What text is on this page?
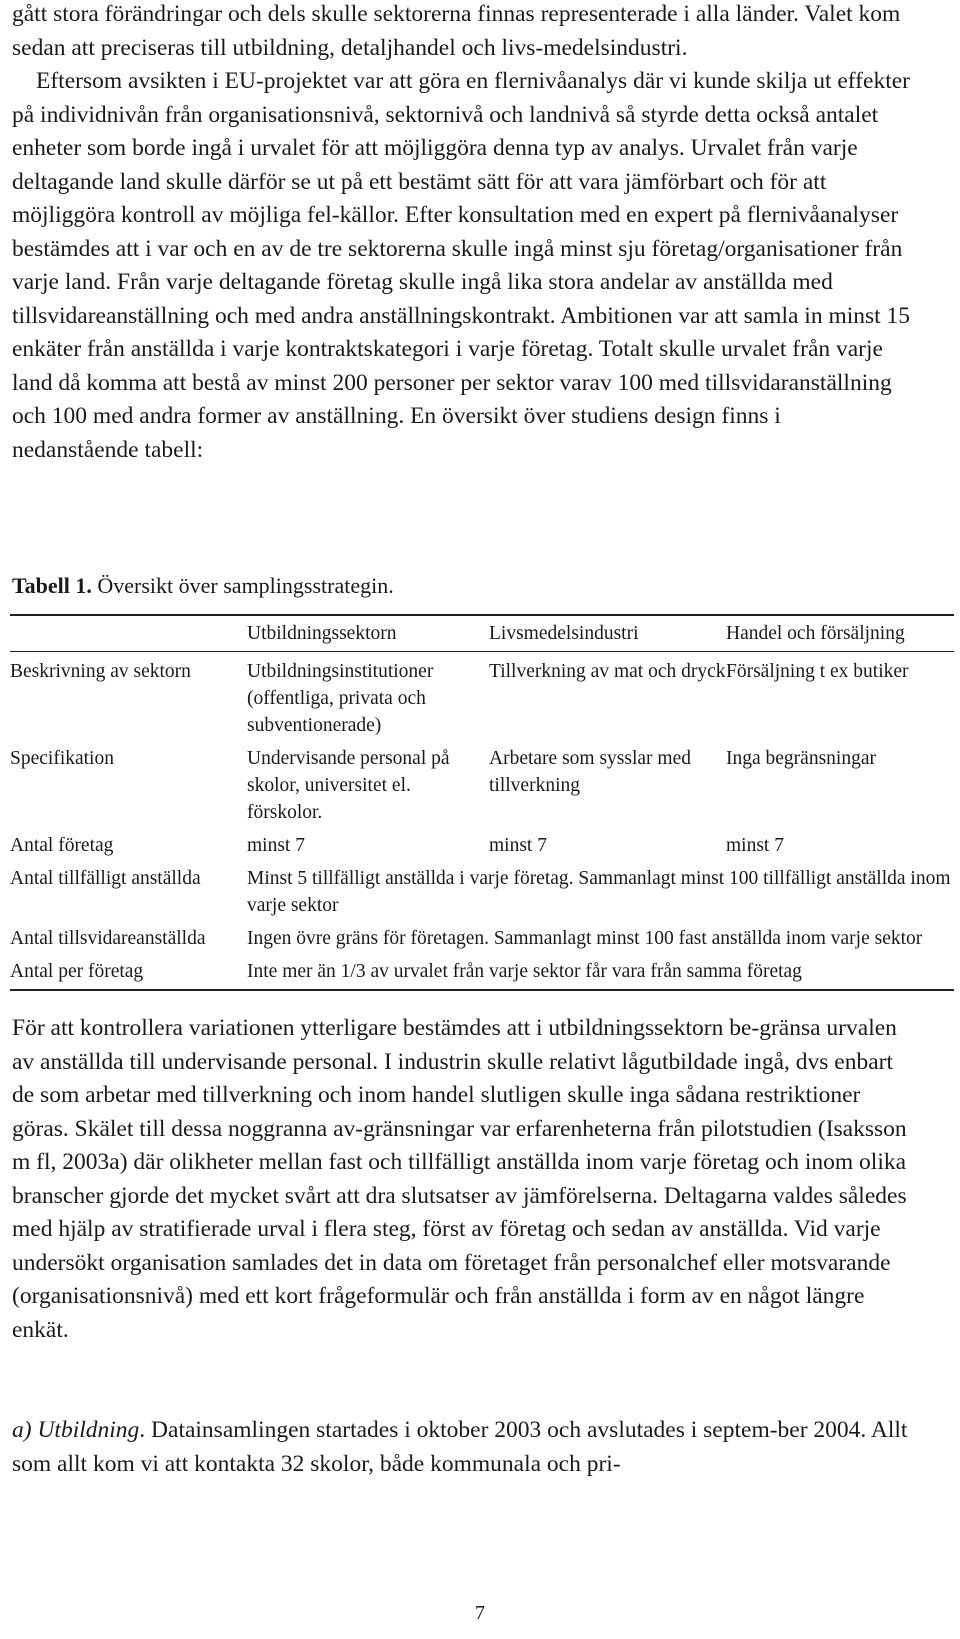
gått stora förändringar och dels skulle sektorerna finnas representerade i alla länder. Valet kom sedan att preciseras till utbildning, detaljhandel och livs-medelsindustri.

Eftersom avsikten i EU-projektet var att göra en flernivåanalys där vi kunde skilja ut effekter på individnivån från organisationsnivå, sektornivå och landnivå så styrde detta också antalet enheter som borde ingå i urvalet för att möjliggöra denna typ av analys. Urvalet från varje deltagande land skulle därför se ut på ett bestämt sätt för att vara jämförbart och för att möjliggöra kontroll av möjliga fel-källor. Efter konsultation med en expert på flernivåanalyser bestämdes att i var och en av de tre sektorerna skulle ingå minst sju företag/organisationer från varje land. Från varje deltagande företag skulle ingå lika stora andelar av anställda med tillsvidareanställning och med andra anställningskontrakt. Ambitionen var att samla in minst 15 enkäter från anställda i varje kontraktskategori i varje företag. Totalt skulle urvalet från varje land då komma att bestå av minst 200 personer per sektor varav 100 med tillsvidaranställning och 100 med andra former av anställning. En översikt över studiens design finns i nedanstående tabell:

Tabell 1. Översikt över samplingsstrategin.
	Utbildningssektorn	Livsmedelsindustri	Handel och försäljning
Beskrivning av sektorn	Utbildningsinstitutioner (offentliga, privata och subventionerade)	Tillverkning av mat och dryck	Försäljning t ex butiker
Specifikation	Undervisande personal på skolor, universitet el. förskolor.	Arbetare som sysslar med tillverkning	Inga begränsningar
Antal företag	minst 7	minst 7	minst 7
Antal tillfälligt anställda	Minst 5 tillfälligt anställda i varje företag. Sammanlagt minst 100 tillfälligt anställda inom varje sektor		
Antal tillsvidareanställda	Ingen övre gräns för företagen. Sammanlagt minst 100 fast anställda inom varje sektor		
Antal per företag	Inte mer än 1/3 av urvalet från varje sektor får vara från samma företag		

För att kontrollera variationen ytterligare bestämdes att i utbildningssektorn be-gränsa urvalen av anställda till undervisande personal. I industrin skulle relativt lågutbildade ingå, dvs enbart de som arbetar med tillverkning och inom handel slutligen skulle inga sådana restriktioner göras. Skälet till dessa noggranna av-gränsningar var erfarenheterna från pilotstudien (Isaksson m fl, 2003a) där olikheter mellan fast och tillfälligt anställda inom varje företag och inom olika branscher gjorde det mycket svårt att dra slutsatser av jämförelserna. Deltagarna valdes således med hjälp av stratifierade urval i flera steg, först av företag och sedan av anställda. Vid varje undersökt organisation samlades det in data om företaget från personalchef eller motsvarande (organisationsnivå) med ett kort frågeformulär och från anställda i form av en något längre enkät.

a) Utbildning. Datainsamlingen startades i oktober 2003 och avslutades i septem-ber 2004. Allt som allt kom vi att kontakta 32 skolor, både kommunala och pri-

7
